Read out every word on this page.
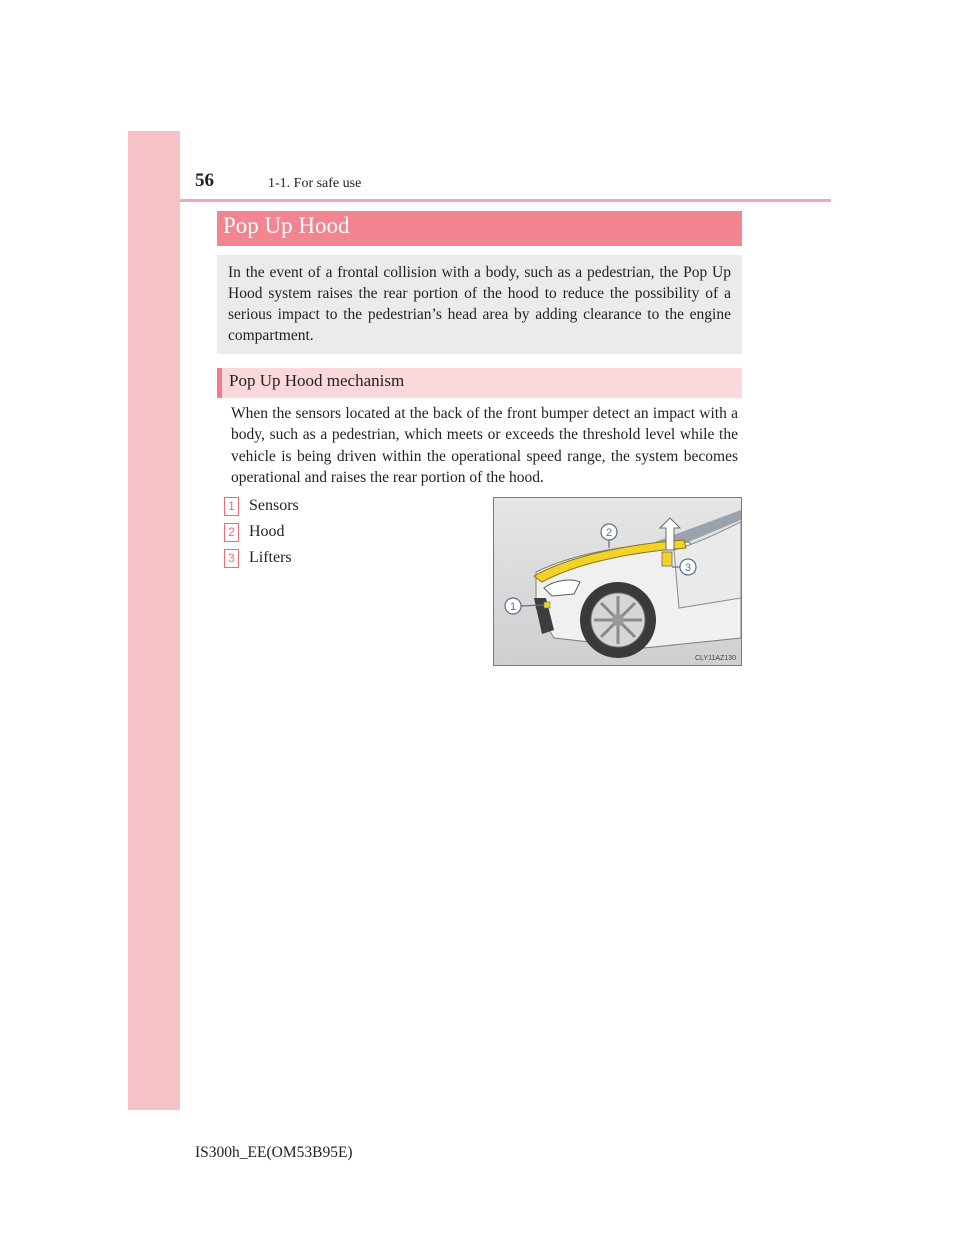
56	1-1. For safe use
Pop Up Hood

In the event of a frontal collision with a body, such as a pedestrian, the Pop Up Hood system raises the rear portion of the hood to reduce the possibility of a serious impact to the pedestrian’s head area by adding clearance to the engine compartment.

Pop Up Hood mechanism
When the sensors located at the back of the front bumper detect an impact with a body, such as a pedestrian, which meets or exceeds the threshold level while the vehicle is being driven within the operational speed range, the system becomes operational and raises the rear portion of the hood.
1 Sensors
2 Hood
3 Lifters
1
2
3
CLY11AZ130
IS300h_EE(OM53B95E)
